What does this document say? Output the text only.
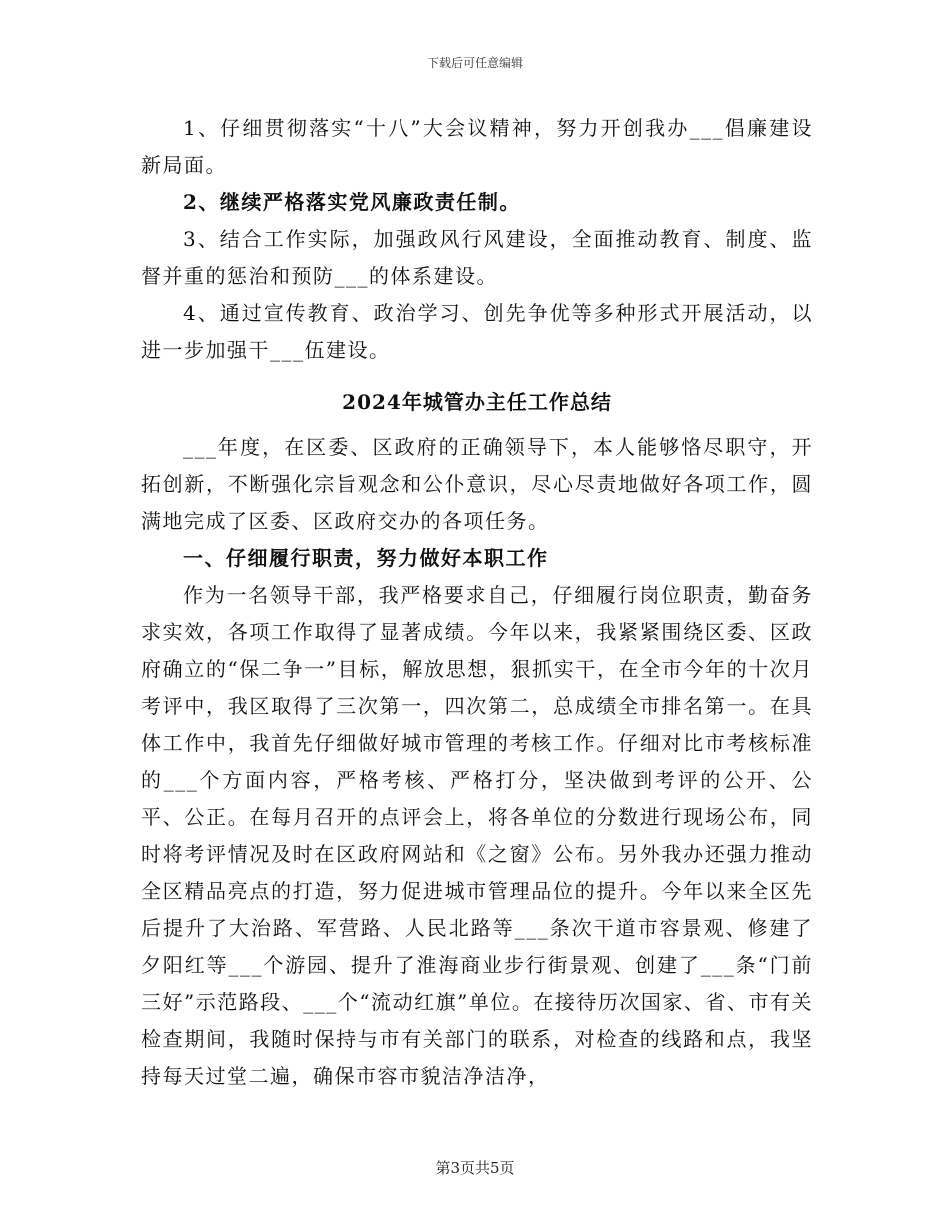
下载后可任意编辑

1、仔细贯彻落实“十八”大会议精神，努力开创我办___倡廉建设新局面。

2、继续严格落实党风廉政责任制。

3、结合工作实际，加强政风行风建设，全面推动教育、制度、监督并重的惩治和预防___的体系建设。

4、通过宣传教育、政治学习、创先争优等多种形式开展活动，以进一步加强干___伍建设。

2024年城管办主任工作总结

___年度，在区委、区政府的正确领导下，本人能够恪尽职守，开拓创新，不断强化宗旨观念和公仆意识，尽心尽责地做好各项工作，圆满地完成了区委、区政府交办的各项任务。

一、仔细履行职责，努力做好本职工作

作为一名领导干部，我严格要求自己，仔细履行岗位职责，勤奋务求实效，各项工作取得了显著成绩。今年以来，我紧紧围绕区委、区政府确立的“保二争一”目标，解放思想，狠抓实干，在全市今年的十次月考评中，我区取得了三次第一，四次第二，总成绩全市排名第一。在具体工作中，我首先仔细做好城市管理的考核工作。仔细对比市考核标准的___个方面内容，严格考核、严格打分，坚决做到考评的公开、公平、公正。在每月召开的点评会上，将各单位的分数进行现场公布，同时将考评情况及时在区政府网站和《之窗》公布。另外我办还强力推动全区精品亮点的打造，努力促进城市管理品位的提升。今年以来全区先后提升了大治路、军营路、人民北路等___条次干道市容景观、修建了夕阳红等___个游园、提升了淮海商业步行街景观、创建了___条“门前三好”示范路段、___个“流动红旗”单位。在接待历次国家、省、市有关检查期间，我随时保持与市有关部门的联系，对检查的线路和点，我坚持每天过堂二遍，确保市容市貌洁净洁净，

第3页共5页
